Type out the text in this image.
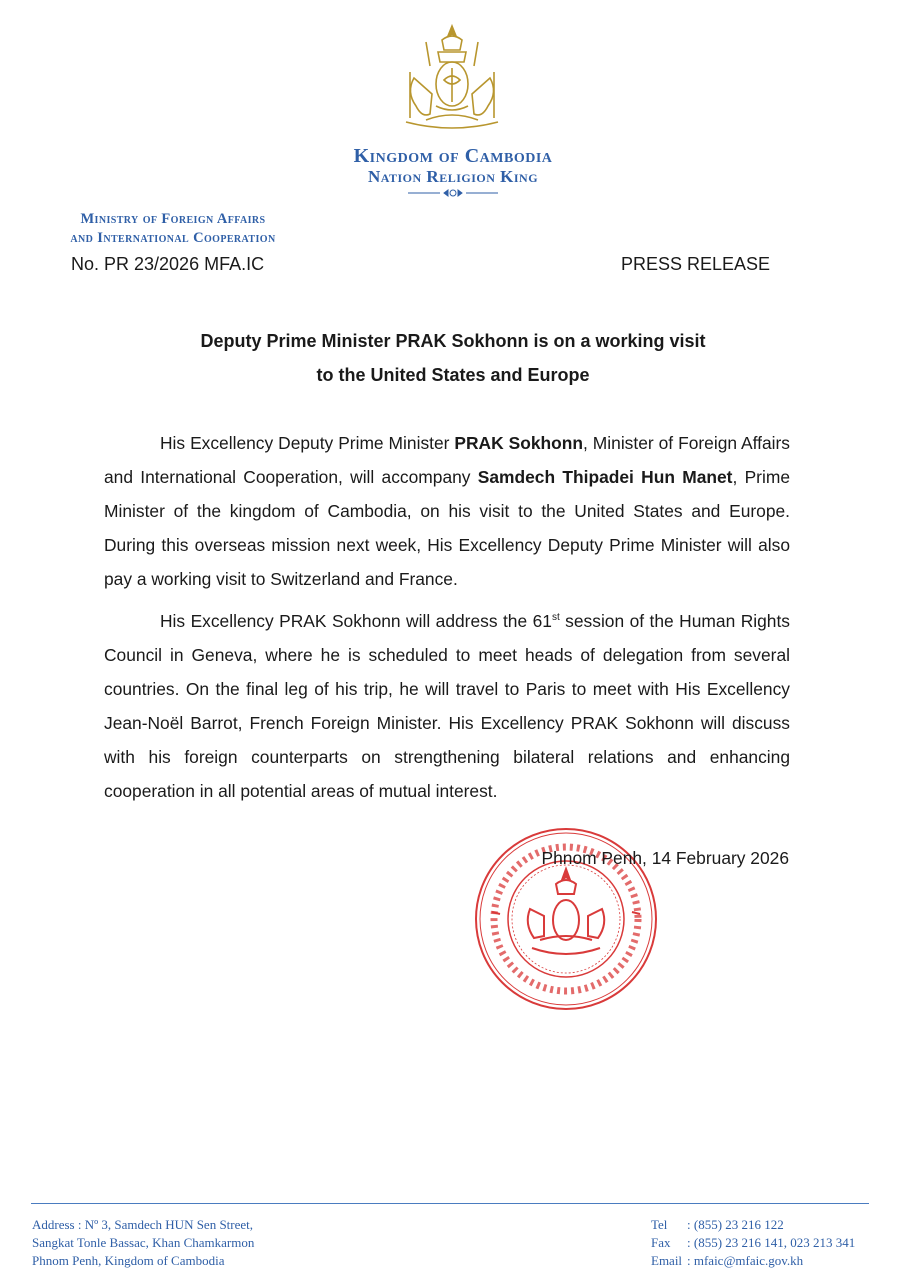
Kingdom of Cambodia
Nation Religion King
Ministry of Foreign Affairs
and International Cooperation
No. PR 23/2026 MFA.IC	PRESS RELEASE
Deputy Prime Minister PRAK Sokhonn is on a working visit
to the United States and Europe

His Excellency Deputy Prime Minister PRAK Sokhonn, Minister of Foreign Affairs and International Cooperation, will accompany Samdech Thipadei Hun Manet, Prime Minister of the kingdom of Cambodia, on his visit to the United States and Europe. During this overseas mission next week, His Excellency Deputy Prime Minister will also pay a working visit to Switzerland and France.

His Excellency PRAK Sokhonn will address the 61st session of the Human Rights Council in Geneva, where he is scheduled to meet heads of delegation from several countries. On the final leg of his trip, he will travel to Paris to meet with His Excellency Jean-Noël Barrot, French Foreign Minister. His Excellency PRAK Sokhonn will discuss with his foreign counterparts on strengthening bilateral relations and enhancing cooperation in all potential areas of mutual interest.

Phnom Penh, 14 February 2026
Address : Nº 3, Samdech HUN Sen Street,
Sangkat Tonle Bassac, Khan Chamkarmon
Phnom Penh, Kingdom of Cambodia
Tel : (855) 23 216 122
Fax : (855) 23 216 141, 023 213 341
Email : mfaic@mfaic.gov.kh
